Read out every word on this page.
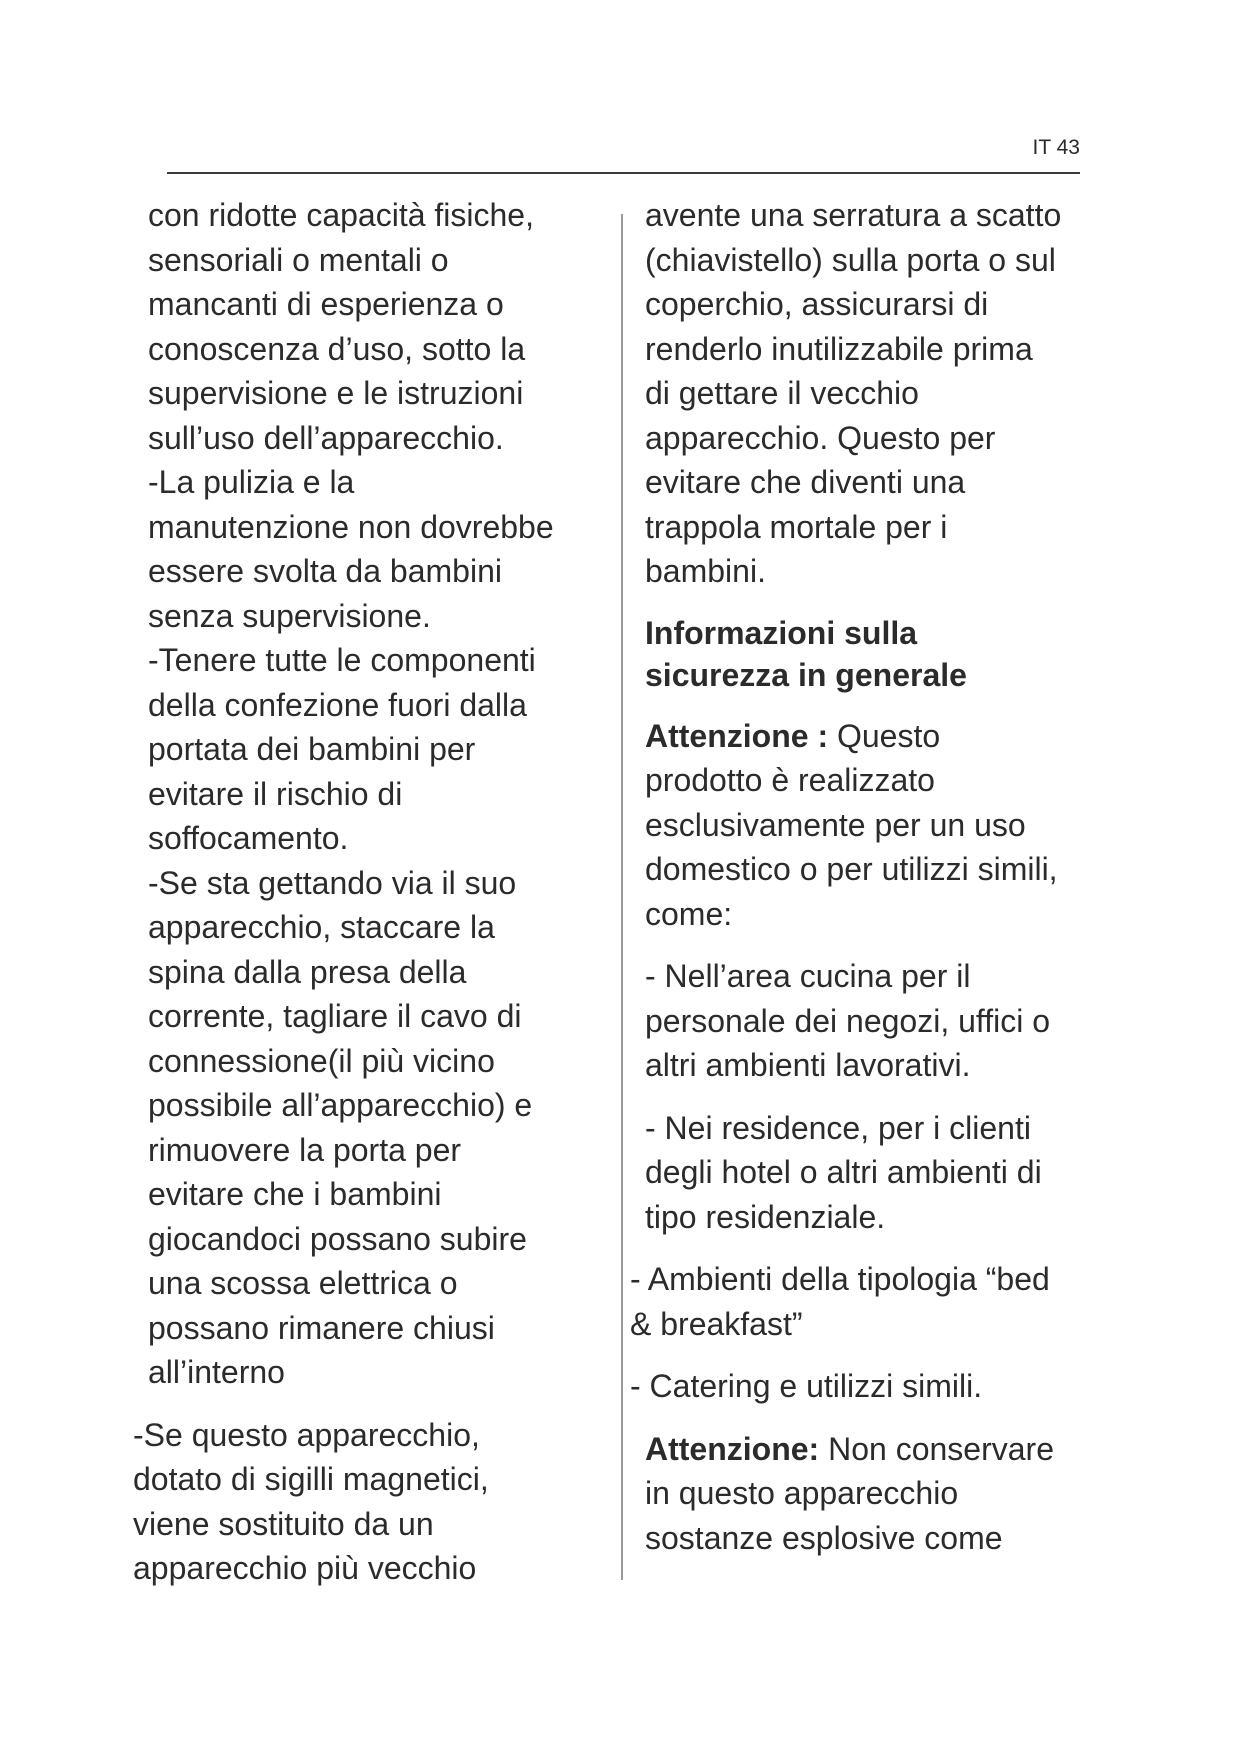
IT 43
con ridotte capacità fisiche,
sensoriali o mentali o
mancanti di esperienza o
conoscenza d’uso, sotto la
supervisione e le istruzioni
sull’uso dell’apparecchio.
-La pulizia e la
manutenzione non dovrebbe
essere svolta da bambini
senza supervisione.
-Tenere tutte le componenti
della confezione fuori dalla
portata dei bambini per
evitare il rischio di
soffocamento.
-Se sta gettando via il suo
apparecchio, staccare la
spina dalla presa della
corrente, tagliare il cavo di
connessione(il più vicino
possibile all’apparecchio) e
rimuovere la porta per
evitare che i bambini
giocandoci possano subire
una scossa elettrica o
possano rimanere chiusi
all’interno
-Se questo apparecchio,
dotato di sigilli magnetici,
viene sostituito da un
apparecchio più vecchio
avente una serratura a scatto
(chiavistello) sulla porta o sul
coperchio, assicurarsi di
renderlo inutilizzabile prima
di gettare il vecchio
apparecchio. Questo per
evitare che diventi una
trappola mortale per i
bambini.
Informazioni sulla
sicurezza in generale
Attenzione : Questo
prodotto è realizzato
esclusivamente per un uso
domestico o per utilizzi simili,
come:
- Nell’area cucina per il
personale dei negozi, uffici o
altri ambienti lavorativi.
- Nei residence, per i clienti
degli hotel o altri ambienti di
tipo residenziale.
- Ambienti della tipologia “bed
& breakfast”
- Catering e utilizzi simili.
Attenzione: Non conservare
in questo apparecchio
sostanze esplosive come
